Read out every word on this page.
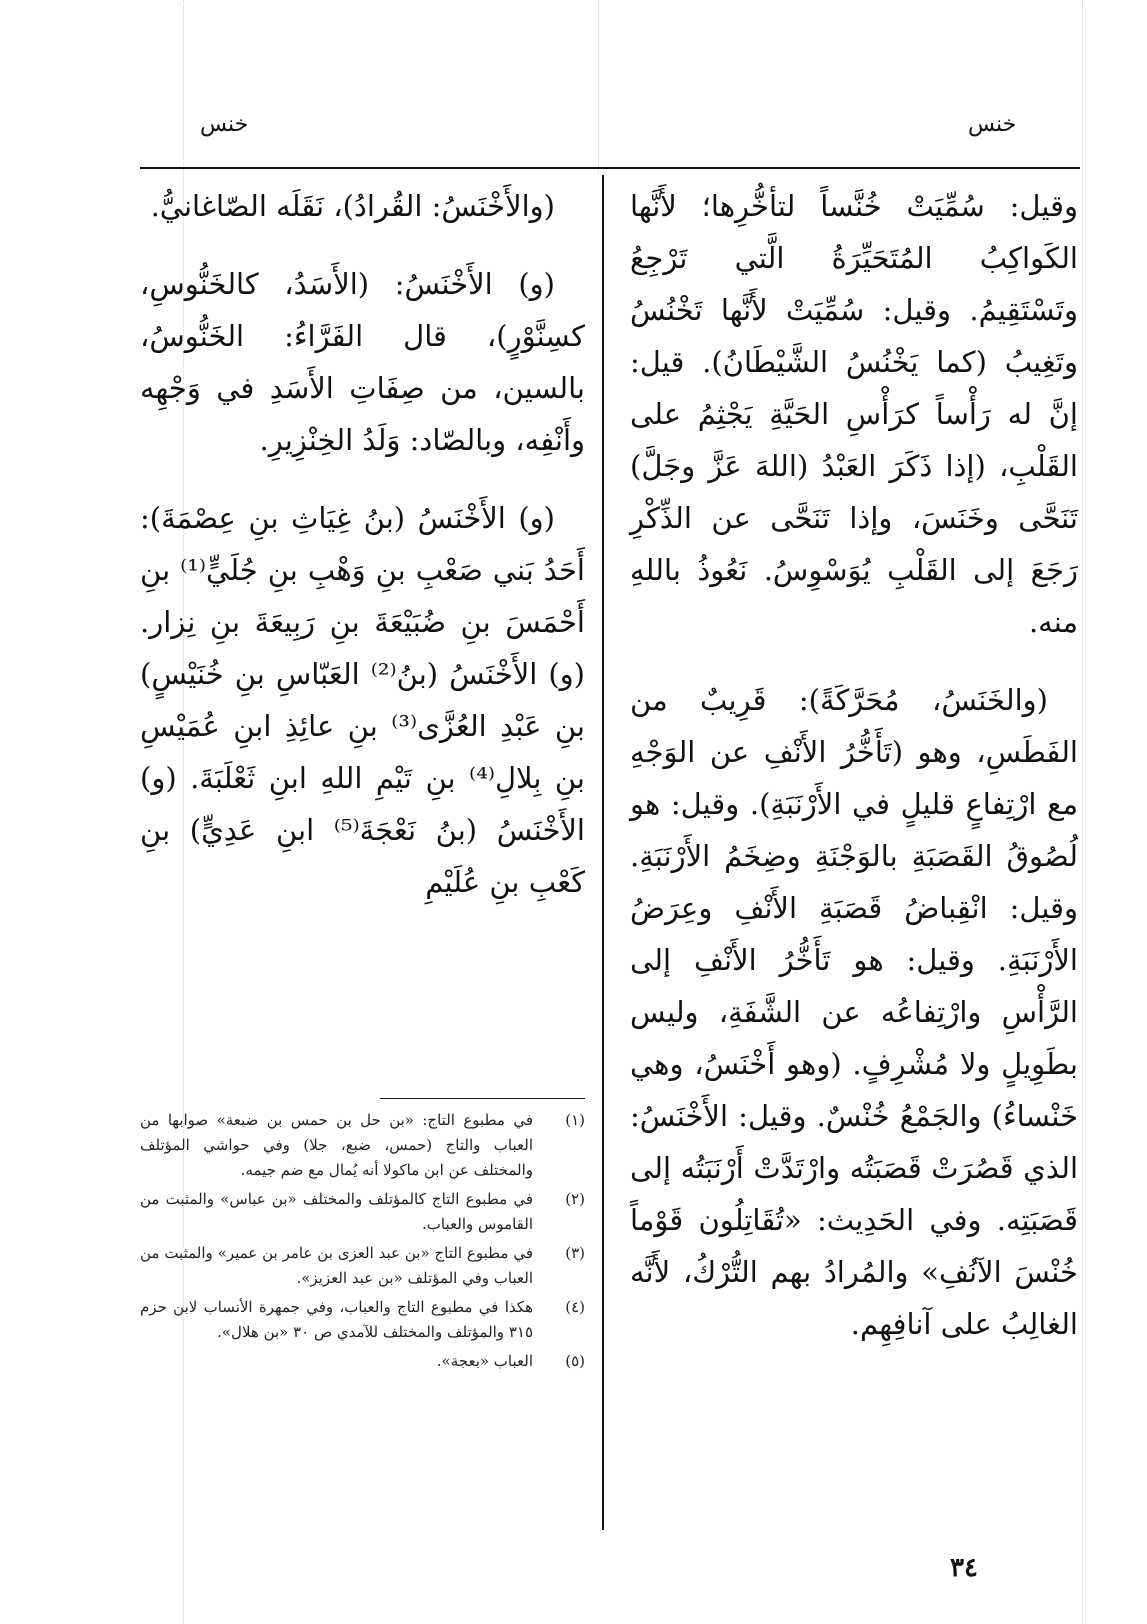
خنس
خنس

وقيل: سُمِّيَتْ خُنَّساً لتأخُّرِها؛ لأَنَّها الكَواكِبُ المُتَحَيِّرَةُ الَّتي تَرْجِعُ وتَسْتَقِيمُ. وقيل: سُمِّيَتْ لأَنَّها تَخْنُسُ وتَغِيبُ (كما يَخْنُسُ الشَّيْطَانُ). قيل: إنَّ له رَأْساً كرَأْسِ الحَيَّةِ يَجْثِمُ على القَلْبِ، (إذا ذَكَرَ العَبْدُ (اللهَ عَزَّ وجَلَّ) تَنَحَّى وخَنَسَ، وإذا تَنَحَّى عن الذِّكْرِ رَجَعَ إلى القَلْبِ يُوَسْوِسُ. نَعُوذُ باللهِ منه.

(والخَنَسُ، مُحَرَّكَةً): قَرِيبٌ من الفَطَسِ، وهو (تَأَخُّرُ الأَنْفِ عن الوَجْهِ مع ارْتِفاعٍ قليلٍ في الأَرْنَبَةِ). وقيل: هو لُصُوقُ القَصَبَةِ بالوَجْنَةِ وضِخَمُ الأَرْنَبَةِ. وقيل: انْقِباضُ قَصَبَةِ الأَنْفِ وعِرَضُ الأَرْنَبَةِ. وقيل: هو تَأَخُّرُ الأَنْفِ إلى الرَّأْسِ وارْتِفاعُه عن الشَّفَةِ، وليس بطَوِيلٍ ولا مُشْرِفٍ. (وهو أَخْنَسُ، وهي خَنْساءُ) والجَمْعُ خُنْسٌ. وقيل: الأَخْنَسُ: الذي قَصُرَتْ قَصَبَتُه وارْتَدَّتْ أَرْنَبَتُه إلى قَصَبَتِه. وفي الحَدِيث: «تُقَاتِلُون قَوْماً خُنْسَ الآنُفِ» والمُرادُ بهم التُّرْكُ، لأَنَّه الغالِبُ على آنافِهِم.

(والأَخْنَسُ: القُرادُ)، نَقَلَه الصّاغانيُّ.

(و) الأَخْنَسُ: (الأَسَدُ، كالخَنُّوسِ، كسِنَّوْرٍ)، قال الفَرَّاءُ: الخَنُّوسُ، بالسين، من صِفَاتِ الأَسَدِ في وَجْهِه وأَنْفِه، وبالصّاد: وَلَدُ الخِنْزِيرِ.

(و) الأَخْنَسُ (بنُ غِيَاثِ بنِ عِصْمَةَ): أَحَدُ بَني صَعْبِ بنِ وَهْبِ بنِ جُلَيٍّ⁽¹⁾ بنِ أَحْمَسَ بنِ ضُبَيْعَةَ بنِ رَبِيعَةَ بنِ نِزار. (و) الأَخْنَسُ (بنُ⁽²⁾ العَبّاسِ بنِ خُنَيْسٍ) بنِ عَبْدِ العُزَّى⁽³⁾ بنِ عائِذِ ابنِ عُمَيْسِ بنِ بِلالِ⁽⁴⁾ بنِ تَيْمِ اللهِ ابنِ ثَعْلَبَةَ. (و) الأَخْنَسُ (بنُ نَعْجَةَ⁽⁵⁾ ابنِ عَدِيٍّ) بنِ كَعْبِ بنِ عُلَيْمِ

(١)
في مطبوع التاج: «بن حل بن حمس بن ضبعة» صوابها من العباب والتاج (حمس، ضبع، جلا) وفي حواشي المؤتلف والمختلف عن ابن ماكولا أنه يُمال مع ضم جيمه.
(٢)
في مطبوع التاج كالمؤتلف والمختلف «بن عباس» والمثبت من القاموس والعباب.
(٣)
في مطبوع التاج «بن عبد العزى بن عامر بن عمير» والمثبت من العباب وفي المؤتلف «بن عبد العزيز».
(٤)
هكذا في مطبوع التاج والعباب، وفي جمهرة الأنساب لابن حزم ٣١٥ والمؤتلف والمختلف للآمدي ص ٣٠ «بن هلال».
(٥)
العباب «بعجة».
٣٤
